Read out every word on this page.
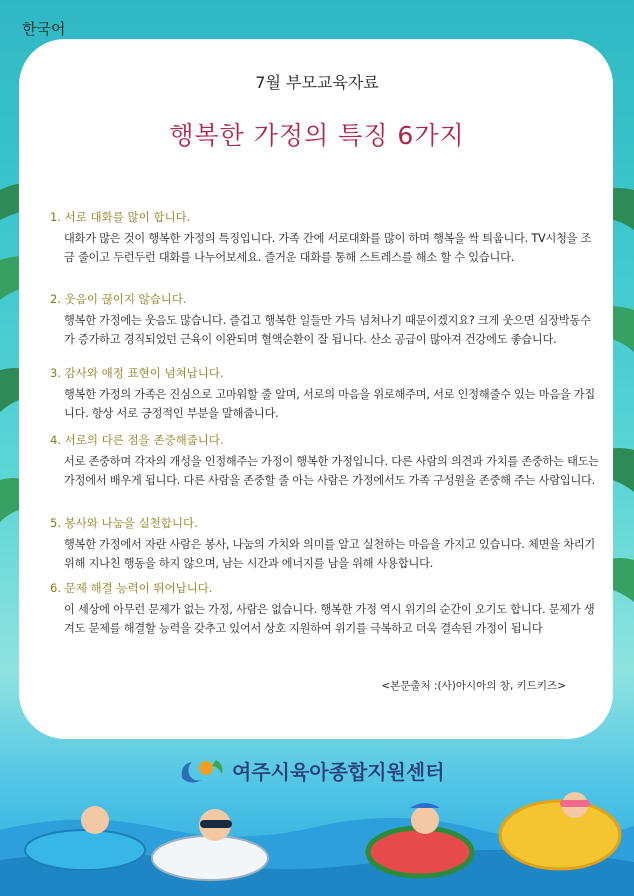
한국어
7월 부모교육자료
행복한 가정의 특징 6가지
1. 서로 대화를 많이 합니다.
대화가 많은 것이 행복한 가정의 특징입니다. 가족 간에 서로대화를 많이 하며 행복을 싹 틔웁니다. TV시청을 조금 줄이고 두런두런 대화를 나누어보세요. 즐거운 대화를 통해 스트레스를 해소 할 수 있습니다.
2. 웃음이 끊이지 않습니다.
행복한 가정에는 웃음도 많습니다. 즐겁고 행복한 일들만 가득 넘쳐나기 때문이겠지요? 크게 웃으면 심장박동수가 증가하고 경직되었던 근육이 이완되며 혈액순환이 잘 됩니다. 산소 공급이 많아져 건강에도 좋습니다.
3. 감사와 애정 표현이 넘쳐납니다.
행복한 가정의 가족은 진심으로 고마워할 줄 알며, 서로의 마음을 위로해주며, 서로 인정해줄수 있는 마음을 가집니다. 항상 서로 긍정적인 부분을 말해줍니다.
4. 서로의 다른 점을 존중해줍니다.
서로 존중하며 각자의 개성을 인정해주는 가정이 행복한 가정입니다. 다른 사람의 의견과 가치를 존중하는 태도는 가정에서 배우게 됩니다. 다른 사람을 존중할 줄 아는 사람은 가정에서도 가족 구성원을 존중해 주는 사람입니다.
5. 봉사와 나눔을 실천합니다.
행복한 가정에서 자란 사람은 봉사, 나눔의 가치와 의미를 알고 실천하는 마음을 가지고 있습니다. 체면을 차리기 위해 지나친 행동을 하지 않으며, 남는 시간과 에너지를 남을 위해 사용합니다.
6. 문제 해결 능력이 뛰어납니다.
이 세상에 아무런 문제가 없는 가정, 사람은 없습니다. 행복한 가정 역시 위기의 순간이 오기도 합니다. 문제가 생겨도 문제를 해결할 능력을 갖추고 있어서 상호 지원하여 위기를 극복하고 더욱 결속된 가정이 됩니다
<본문출처 :(사)아시아의 창, 키드키즈>
여주시육아종합지원센터
